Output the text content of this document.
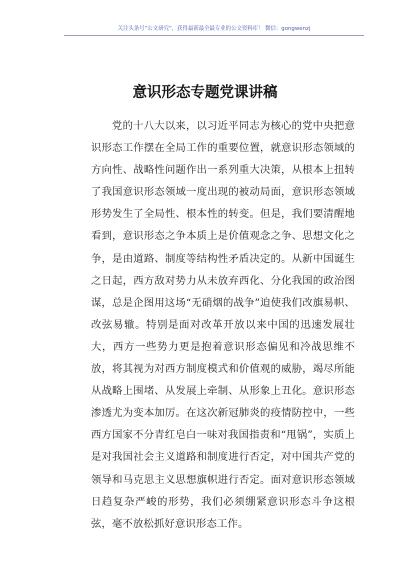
关注头条号“公文研究”，获得最新最全最专业的公文资料库！ 微信：gongwenzj
意识形态专题党课讲稿

党的十八大以来，以习近平同志为核心的党中央把意识形态工作摆在全局工作的重要位置，就意识形态领域的方向性、战略性问题作出一系列重大决策，从根本上扭转了我国意识形态领域一度出现的被动局面，意识形态领域形势发生了全局性、根本性的转变。但是，我们要清醒地看到，意识形态之争本质上是价值观念之争、思想文化之争，是由道路、制度等结构性矛盾决定的。从新中国诞生之日起，西方敌对势力从未放弃西化、分化我国的政治图谋，总是企图用这场“无硝烟的战争”迫使我们改旗易帜、改弦易辙。特别是面对改革开放以来中国的迅速发展壮大，西方一些势力更是抱着意识形态偏见和冷战思维不放，将其视为对西方制度模式和价值观的威胁，竭尽所能从战略上围堵、从发展上牵制、从形象上丑化。意识形态渗透尤为变本加厉。在这次新冠肺炎的疫情防控中，一些西方国家不分青红皂白一味对我国指责和“甩锅”，实质上是对我国社会主义道路和制度进行否定，对中国共产党的领导和马克思主义思想旗帜进行否定。面对意识形态领域日趋复杂严峻的形势，我们必须绷紧意识形态斗争这根弦，毫不放松抓好意识形态工作。
